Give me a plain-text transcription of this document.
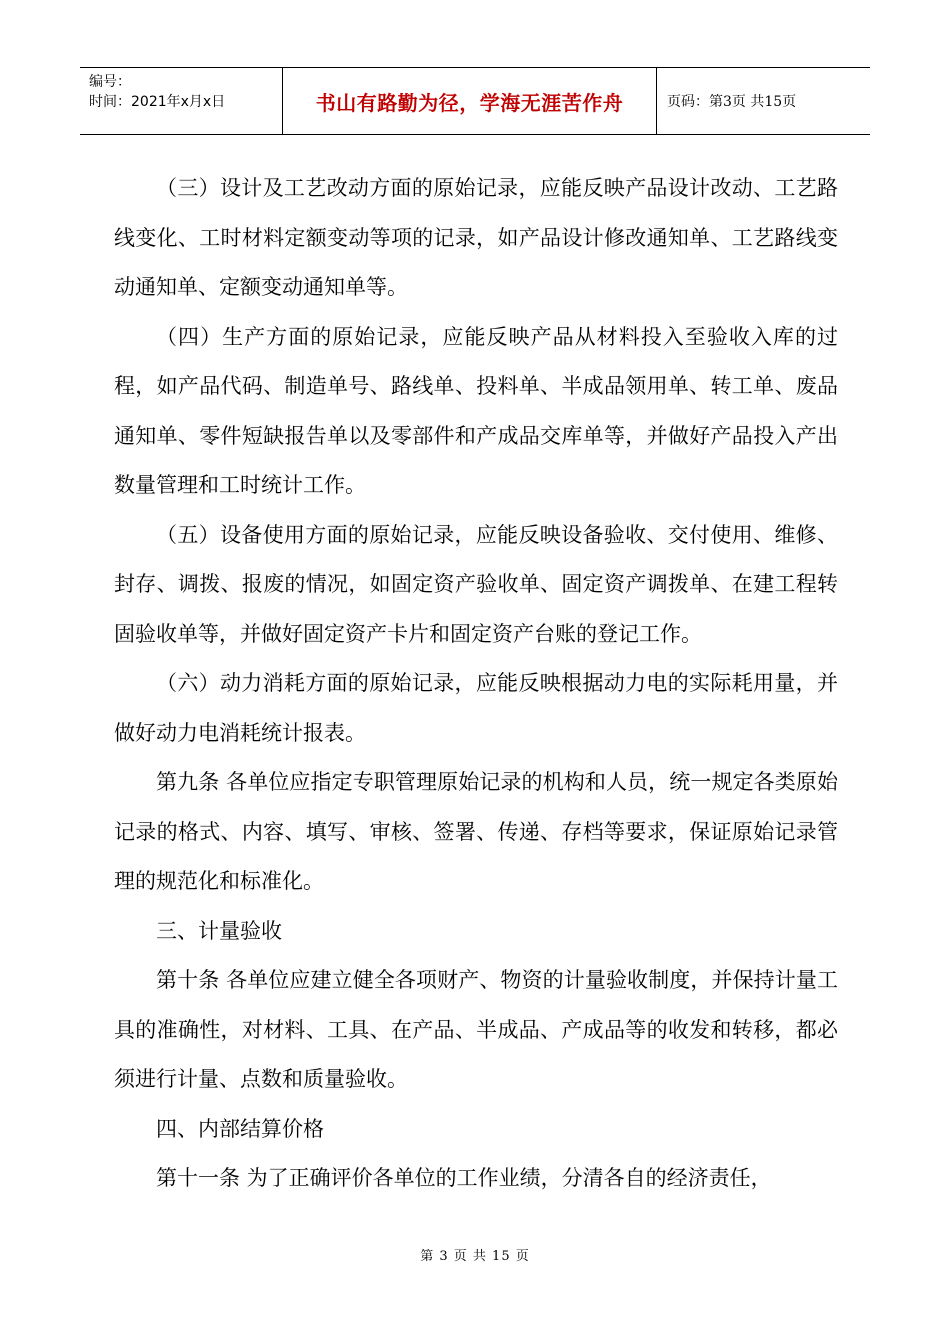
编号：
时间：2021年x月x日	书山有路勤为径，学海无涯苦作舟	页码：第3页 共15页

（三）设计及工艺改动方面的原始记录，应能反映产品设计改动、工艺路线变化、工时材料定额变动等项的记录，如产品设计修改通知单、工艺路线变动通知单、定额变动通知单等。

（四）生产方面的原始记录，应能反映产品从材料投入至验收入库的过程，如产品代码、制造单号、路线单、投料单、半成品领用单、转工单、废品通知单、零件短缺报告单以及零部件和产成品交库单等，并做好产品投入产出数量管理和工时统计工作。

（五）设备使用方面的原始记录，应能反映设备验收、交付使用、维修、封存、调拨、报废的情况，如固定资产验收单、固定资产调拨单、在建工程转固验收单等，并做好固定资产卡片和固定资产台账的登记工作。

（六）动力消耗方面的原始记录，应能反映根据动力电的实际耗用量，并做好动力电消耗统计报表。

第九条 各单位应指定专职管理原始记录的机构和人员，统一规定各类原始记录的格式、内容、填写、审核、签署、传递、存档等要求，保证原始记录管理的规范化和标准化。

三、计量验收

第十条 各单位应建立健全各项财产、物资的计量验收制度，并保持计量工具的准确性，对材料、工具、在产品、半成品、产成品等的收发和转移，都必须进行计量、点数和质量验收。

四、内部结算价格

第十一条 为了正确评价各单位的工作业绩，分清各自的经济责任，

第 3 页 共 15 页
